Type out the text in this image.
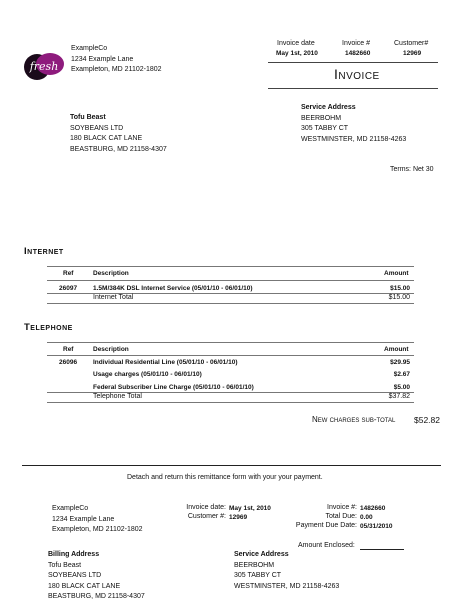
fresh
ExampleCo
1234 Example Lane
Exampleton, MD 21102-1802
Invoice date	Invoice #	Customer#
May 1st, 2010	1482660	12969
Invoice
Service Address
BEERBOHM
305 TABBY CT
WESTMINSTER, MD 21158-4263
Tofu Beast
SOYBEANS LTD
180 BLACK CAT LANE
BEASTBURG, MD 21158-4307
Terms: Net 30
Internet
Ref	Description	Amount
26097 1.5M/384K DSL Internet Service (05/01/10 - 06/01/10)	$15.00
Internet Total	$15.00
Telephone
Ref	Description	Amount
26096 Individual Residential Line (05/01/10 - 06/01/10)	$29.95
Usage charges (05/01/10 - 06/01/10)	$2.67
Federal Subscriber Line Charge (05/01/10 - 06/01/10)	$5.00
Telephone Total	$37.82
New charges sub-total	$52.82
Detach and return this remittance form with your your payment.
ExampleCo
1234 Example Lane
Exampleton, MD 21102-1802
Invoice date: May 1st, 2010
Customer #: 12969
Invoice #: 1482660
Total Due: 0.00
Payment Due Date: 05/31/2010
Amount Enclosed:
Billing Address
Tofu Beast
SOYBEANS LTD
180 BLACK CAT LANE
BEASTBURG, MD 21158-4307
Service Address
BEERBOHM
305 TABBY CT
WESTMINSTER, MD 21158-4263
